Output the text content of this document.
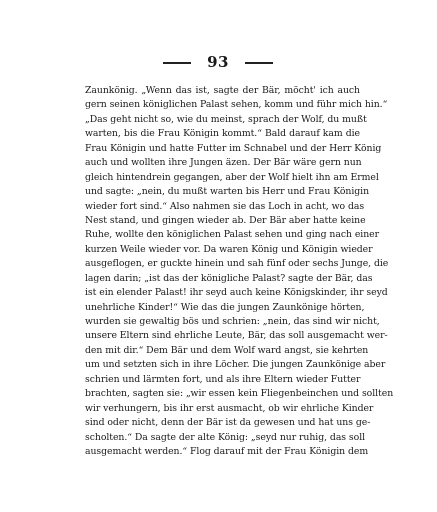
93
Zaunkönig. „Wenn das ist, sagte der Bär, möcht' ich auch
gern seinen königlichen Palast sehen, komm und führ mich hin.“
„Das geht nicht so, wie du meinst, sprach der Wolf, du mußt
warten, bis die Frau Königin kommt.“ Bald darauf kam die
Frau Königin und hatte Futter im Schnabel und der Herr König
auch und wollten ihre Jungen äzen. Der Bär wäre gern nun
gleich hintendrein gegangen, aber der Wolf hielt ihn am Ermel
und sagte: „nein, du mußt warten bis Herr und Frau Königin
wieder fort sind.“ Also nahmen sie das Loch in acht, wo das
Nest stand, und gingen wieder ab. Der Bär aber hatte keine
Ruhe, wollte den königlichen Palast sehen und ging nach einer
kurzen Weile wieder vor. Da waren König und Königin wieder
ausgeflogen, er guckte hinein und sah fünf oder sechs Junge, die
lagen darin; „ist das der königliche Palast? sagte der Bär, das
ist ein elender Palast! ihr seyd auch keine Königskinder, ihr seyd
unehrliche Kinder!“ Wie das die jungen Zaunkönige hörten,
wurden sie gewaltig bös und schrien: „nein, das sind wir nicht,
unsere Eltern sind ehrliche Leute, Bär, das soll ausgemacht wer-
den mit dir.“ Dem Bär und dem Wolf ward angst, sie kehrten
um und setzten sich in ihre Löcher. Die jungen Zaunkönige aber
schrien und lärmten fort, und als ihre Eltern wieder Futter
brachten, sagten sie: „wir essen kein Fliegenbeinchen und sollten
wir verhungern, bis ihr erst ausmacht, ob wir ehrliche Kinder
sind oder nicht, denn der Bär ist da gewesen und hat uns ge-
scholten.“ Da sagte der alte König: „seyd nur ruhig, das soll
ausgemacht werden.“ Flog darauf mit der Frau Königin dem
